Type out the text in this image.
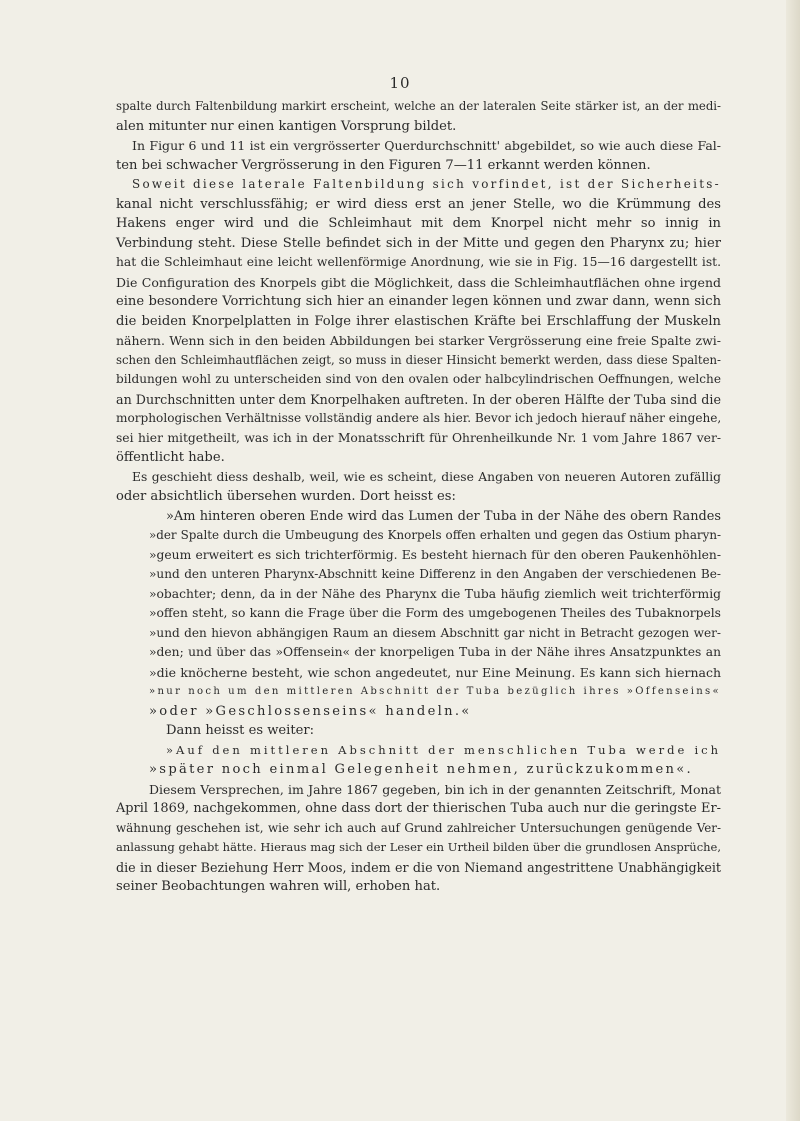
10
spalte durch Faltenbildung markirt erscheint, welche an der lateralen Seite stärker ist, an der medi-
alen mitunter nur einen kantigen Vorsprung bildet.
In Figur 6 und 11 ist ein vergrösserter Querdurchschnitt' abgebildet, so wie auch diese Fal-
ten bei schwacher Vergrösserung in den Figuren 7—11 erkannt werden können.
Soweit diese laterale Faltenbildung sich vorfindet, ist der Sicherheits-
kanal nicht verschlussfähig; er wird diess erst an jener Stelle, wo die Krümmung des
Hakens enger wird und die Schleimhaut mit dem Knorpel nicht mehr so innig in
Verbindung steht. Diese Stelle befindet sich in der Mitte und gegen den Pharynx zu; hier
hat die Schleimhaut eine leicht wellenförmige Anordnung, wie sie in Fig. 15—16 dargestellt ist.
Die Configuration des Knorpels gibt die Möglichkeit, dass die Schleimhautflächen ohne irgend
eine besondere Vorrichtung sich hier an einander legen können und zwar dann, wenn sich
die beiden Knorpelplatten in Folge ihrer elastischen Kräfte bei Erschlaffung der Muskeln
nähern. Wenn sich in den beiden Abbildungen bei starker Vergrösserung eine freie Spalte zwi-
schen den Schleimhautflächen zeigt, so muss in dieser Hinsicht bemerkt werden, dass diese Spalten-
bildungen wohl zu unterscheiden sind von den ovalen oder halbcylindrischen Oeffnungen, welche
an Durchschnitten unter dem Knorpelhaken auftreten. In der oberen Hälfte der Tuba sind die
morphologischen Verhältnisse vollständig andere als hier. Bevor ich jedoch hierauf näher eingehe,
sei hier mitgetheilt, was ich in der Monatsschrift für Ohrenheilkunde Nr. 1 vom Jahre 1867 ver-
öffentlicht habe.
Es geschieht diess deshalb, weil, wie es scheint, diese Angaben von neueren Autoren zufällig
oder absichtlich übersehen wurden. Dort heisst es:
»Am hinteren oberen Ende wird das Lumen der Tuba in der Nähe des obern Randes
»der Spalte durch die Umbeugung des Knorpels offen erhalten und gegen das Ostium pharyn-
»geum erweitert es sich trichterförmig. Es besteht hiernach für den oberen Paukenhöhlen-
»und den unteren Pharynx-Abschnitt keine Differenz in den Angaben der verschiedenen Be-
»obachter; denn, da in der Nähe des Pharynx die Tuba häufig ziemlich weit trichterförmig
»offen steht, so kann die Frage über die Form des umgebogenen Theiles des Tubaknorpels
»und den hievon abhängigen Raum an diesem Abschnitt gar nicht in Betracht gezogen wer-
»den; und über das »Offensein« der knorpeligen Tuba in der Nähe ihres Ansatzpunktes an
»die knöcherne besteht, wie schon angedeutet, nur Eine Meinung. Es kann sich hiernach
»nur noch um den mittleren Abschnitt der Tuba bezüglich ihres »Offenseins«
»oder »Geschlossenseins« handeln.«
Dann heisst es weiter:
»Auf den mittleren Abschnitt der menschlichen Tuba werde ich
»später noch einmal Gelegenheit nehmen, zurückzukommen«.
Diesem Versprechen, im Jahre 1867 gegeben, bin ich in der genannten Zeitschrift, Monat
April 1869, nachgekommen, ohne dass dort der thierischen Tuba auch nur die geringste Er-
wähnung geschehen ist, wie sehr ich auch auf Grund zahlreicher Untersuchungen genügende Ver-
anlassung gehabt hätte. Hieraus mag sich der Leser ein Urtheil bilden über die grundlosen Ansprüche,
die in dieser Beziehung Herr Moos, indem er die von Niemand angestrittene Unabhängigkeit
seiner Beobachtungen wahren will, erhoben hat.
